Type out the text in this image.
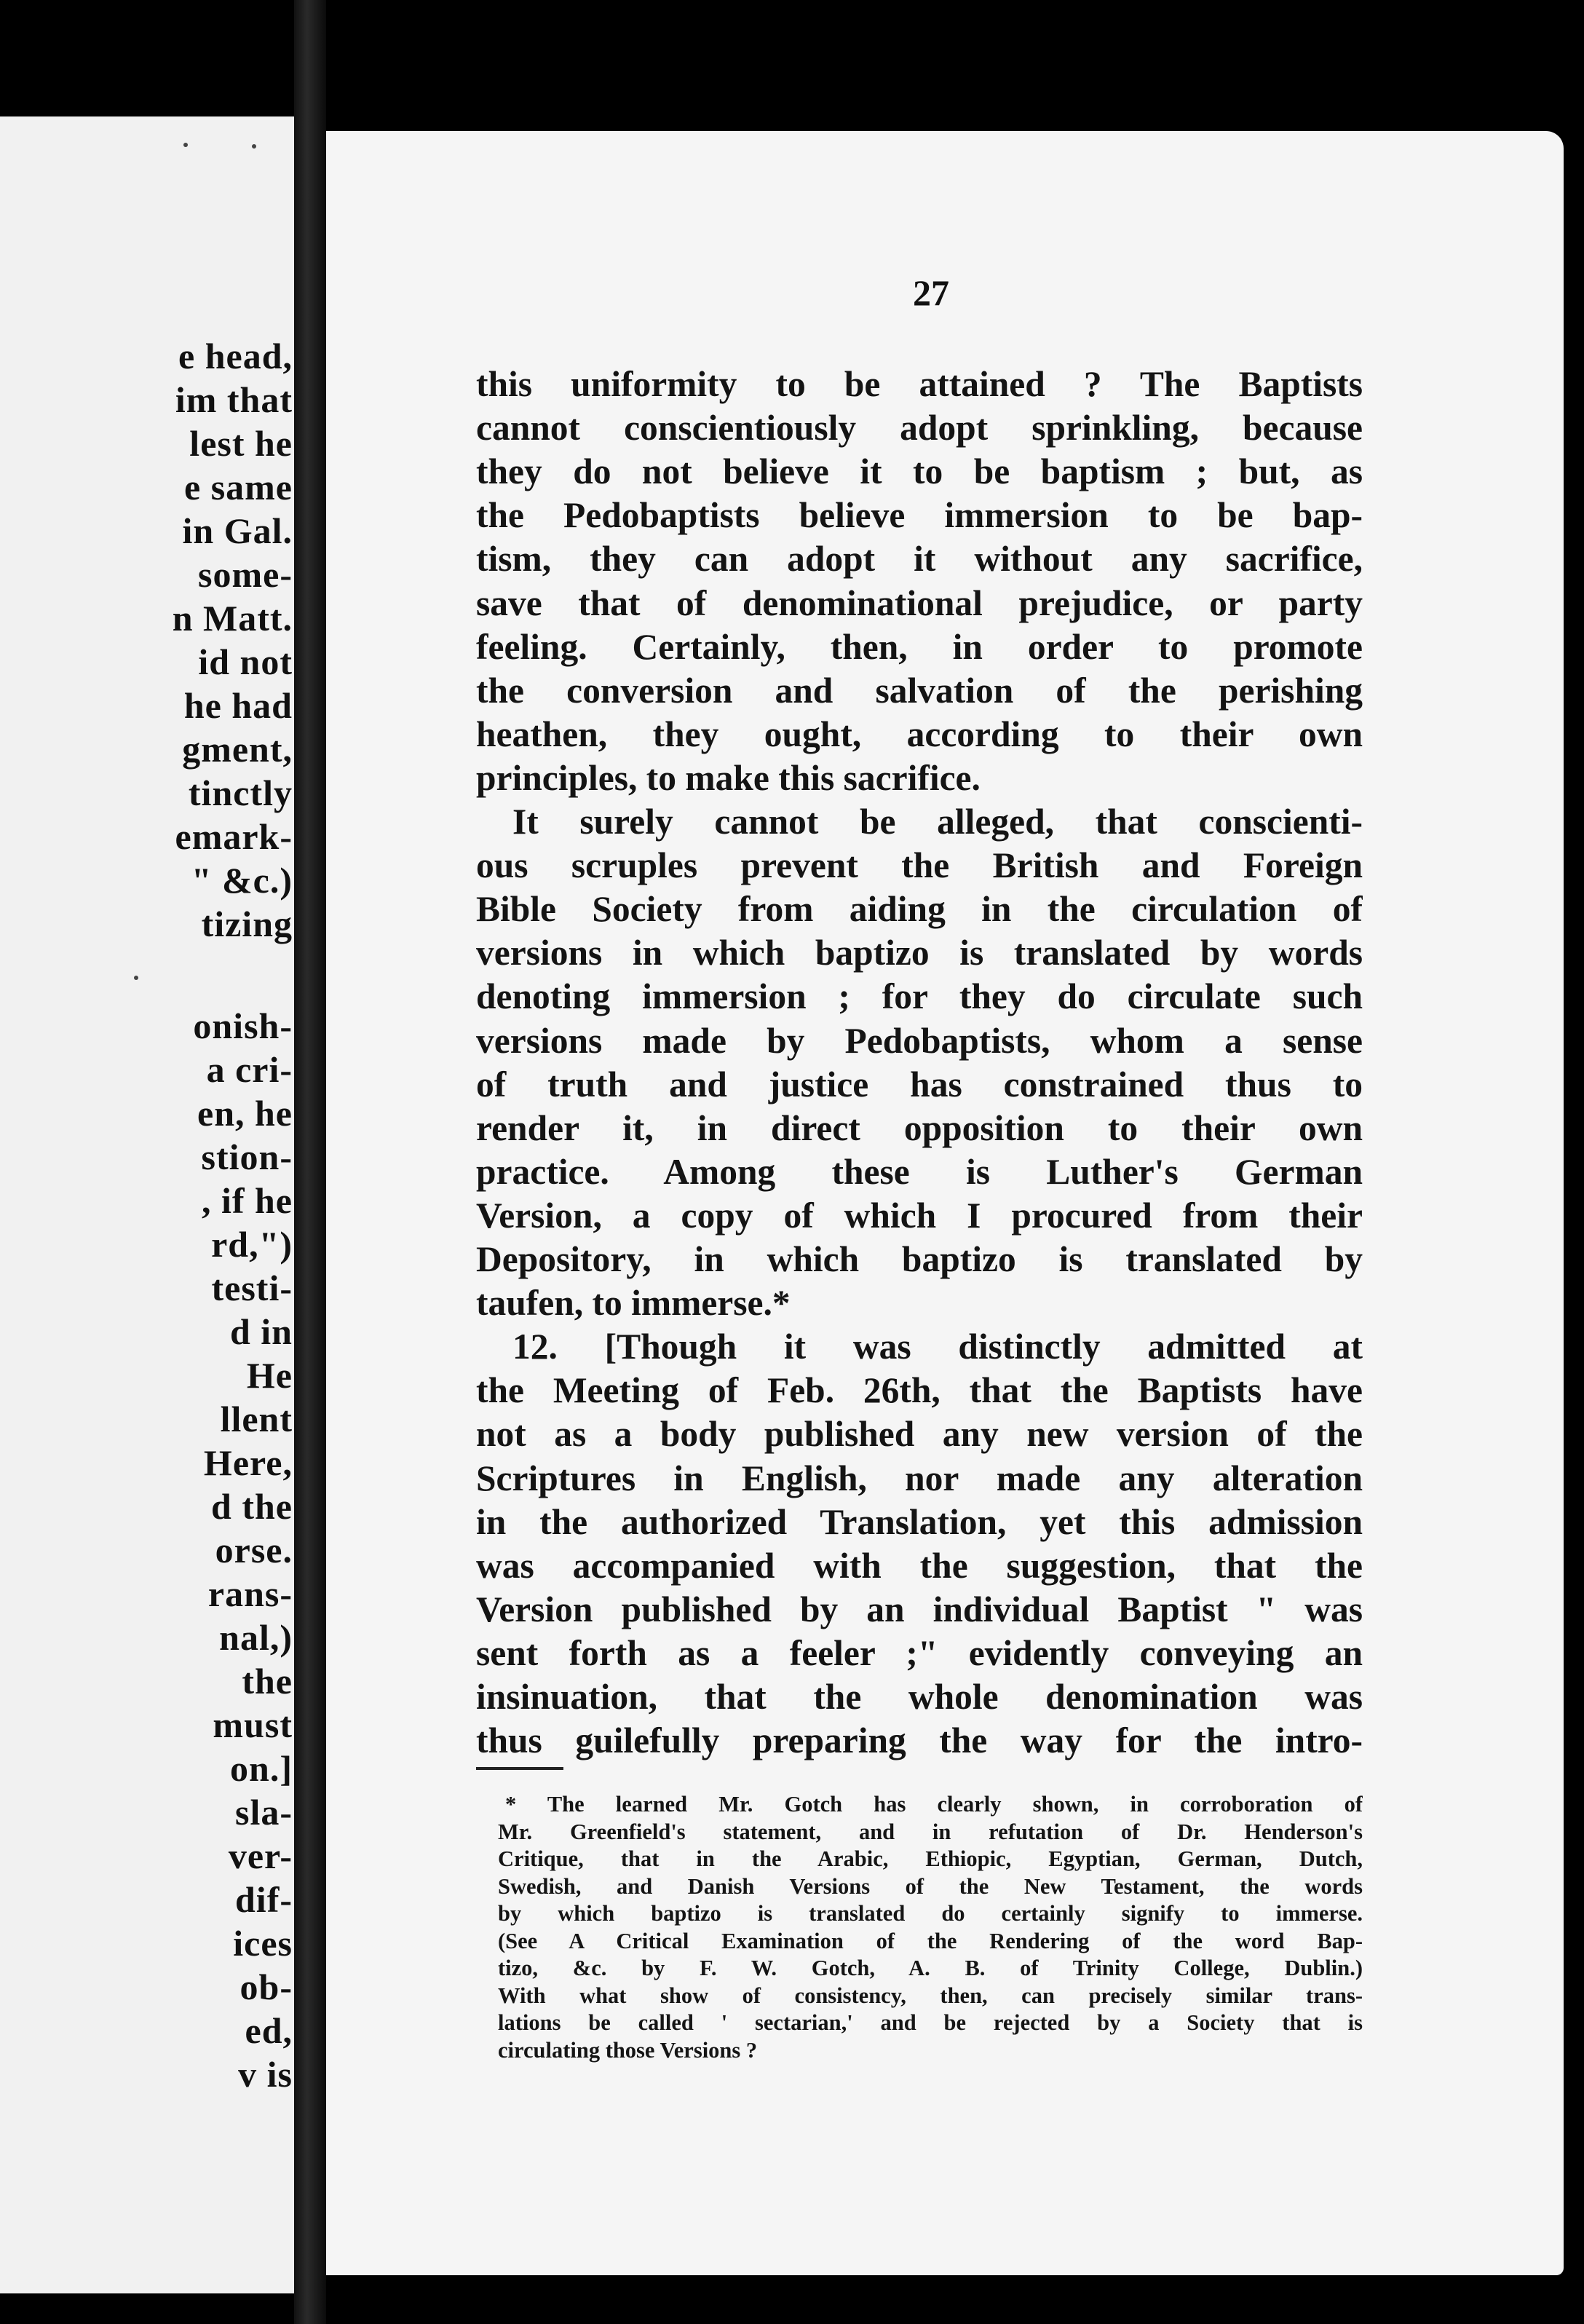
e head,
im that
lest he
e same
in Gal.
some-
n Matt.
id not
he had
gment,
tinctly
emark-
" &c.)
tizing
onish-
a cri-
en, he
stion-
, if he
rd,")
testi-
d in
He
llent
Here,
d the
orse.
rans-
nal,)
the
must
on.]
sla-
ver-
dif-
ices
ob-
ed,
v is
27
this uniformity to be attained ? The Baptists
cannot conscientiously adopt sprinkling, because
they do not believe it to be baptism ; but, as
the Pedobaptists believe immersion to be bap-
tism, they can adopt it without any sacrifice,
save that of denominational prejudice, or party
feeling. Certainly, then, in order to promote
the conversion and salvation of the perishing
heathen, they ought, according to their own
principles, to make this sacrifice.
It surely cannot be alleged, that conscienti-
ous scruples prevent the British and Foreign
Bible Society from aiding in the circulation of
versions in which baptizo is translated by words
denoting immersion ; for they do circulate such
versions made by Pedobaptists, whom a sense
of truth and justice has constrained thus to
render it, in direct opposition to their own
practice. Among these is Luther's German
Version, a copy of which I procured from their
Depository, in which baptizo is translated by
taufen, to immerse.*
12. [Though it was distinctly admitted at
the Meeting of Feb. 26th, that the Baptists have
not as a body published any new version of the
Scriptures in English, nor made any alteration
in the authorized Translation, yet this admission
was accompanied with the suggestion, that the
Version published by an individual Baptist " was
sent forth as a feeler ;" evidently conveying an
insinuation, that the whole denomination was
thus guilefully preparing the way for the intro-
* The learned Mr. Gotch has clearly shown, in corroboration of
Mr. Greenfield's statement, and in refutation of Dr. Henderson's
Critique, that in the Arabic, Ethiopic, Egyptian, German, Dutch,
Swedish, and Danish Versions of the New Testament, the words
by which baptizo is translated do certainly signify to immerse.
(See A Critical Examination of the Rendering of the word Bap-
tizo, &c. by F. W. Gotch, A. B. of Trinity College, Dublin.)
With what show of consistency, then, can precisely similar trans-
lations be called ' sectarian,' and be rejected by a Society that is
circulating those Versions ?
